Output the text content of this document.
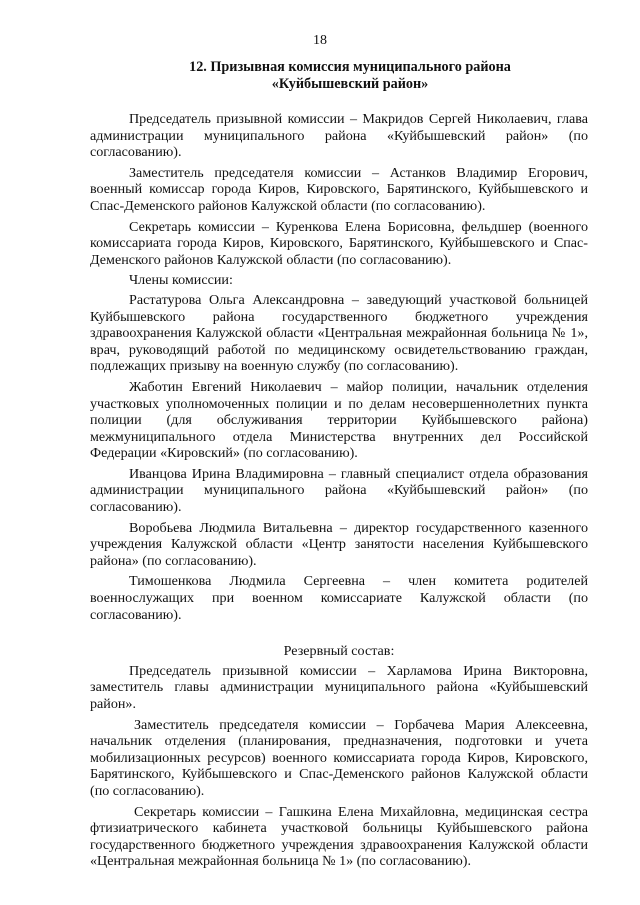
18
12. Призывная комиссия муниципального района
«Куйбышевский район»

Председатель призывной комиссии – Макридов Сергей Николаевич, глава администрации муниципального района «Куйбышевский район» (по согласованию).

Заместитель председателя комиссии – Астанков Владимир Егорович, военный комиссар города Киров, Кировского, Барятинского, Куйбышевского и Спас-Деменского районов Калужской области (по согласованию).

Секретарь комиссии – Куренкова Елена Борисовна, фельдшер (военного комиссариата города Киров, Кировского, Барятинского, Куйбышевского и Спас-Деменского районов Калужской области (по согласованию).

Члены комиссии:

Растатурова Ольга Александровна – заведующий участковой больницей Куйбышевского района государственного бюджетного учреждения здравоохранения Калужской области «Центральная межрайонная больница № 1», врач, руководящий работой по медицинскому освидетельствованию граждан, подлежащих призыву на военную службу (по согласованию).

Жаботин Евгений Николаевич – майор полиции, начальник отделения участковых уполномоченных полиции и по делам несовершеннолетних пункта полиции (для обслуживания территории Куйбышевского района) межмуниципального отдела Министерства внутренних дел Российской Федерации «Кировский» (по согласованию).

Иванцова Ирина Владимировна – главный специалист отдела образования администрации муниципального района «Куйбышевский район» (по согласованию).

Воробьева Людмила Витальевна – директор государственного казенного учреждения Калужской области «Центр занятости населения Куйбышевского района» (по согласованию).

Тимошенкова Людмила Сергеевна – член комитета родителей военнослужащих при военном комиссариате Калужской области (по согласованию).

Резервный состав:

Председатель призывной комиссии – Харламова Ирина Викторовна, заместитель главы администрации муниципального района «Куйбышевский район».

Заместитель председателя комиссии – Горбачева Мария Алексеевна, начальник отделения (планирования, предназначения, подготовки и учета мобилизационных ресурсов) военного комиссариата города Киров, Кировского, Барятинского, Куйбышевского и Спас-Деменского районов Калужской области (по согласованию).

Секретарь комиссии – Гашкина Елена Михайловна, медицинская сестра фтизиатрического кабинета участковой больницы Куйбышевского района государственного бюджетного учреждения здравоохранения Калужской области «Центральная межрайонная больница № 1» (по согласованию).
